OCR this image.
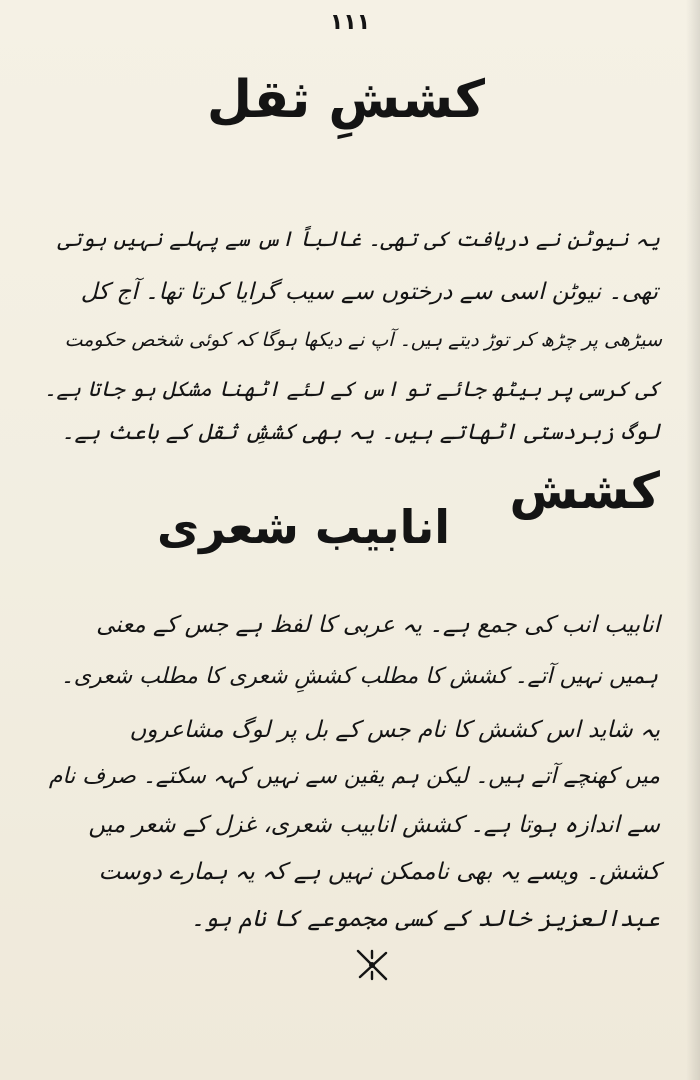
۱۱۱
کششِ ثقل
یہ نیوٹن نے دریافت کی تھی۔ غالباً اس سے پہلے نہیں ہوتی
تھی۔ نیوٹن اسی سے درختوں سے سیب گرایا کرتا تھا۔ آج کل
سیڑھی پر چڑھ کر توڑ دیتے ہیں۔ آپ نے دیکھا ہوگا کہ کوئی شخص حکومت
کی کرسی پر بیٹھ جائے تو اس کے لئے اٹھنا مشکل ہو جاتا ہے۔
لوگ زبردستی اٹھاتے ہیں۔ یہ بھی کششِ ثقل کے باعث ہے۔
کشش
انابیب شعری
انابیب انب کی جمع ہے۔ یہ عربی کا لفظ ہے جس کے معنی
ہمیں نہیں آتے۔ کشش کا مطلب کششِ شعری کا مطلب شعری۔
یہ شاید اس کشش کا نام جس کے بل پر لوگ مشاعروں
میں کھنچے آتے ہیں۔ لیکن ہم یقین سے نہیں کہہ سکتے۔ صرف نام
سے اندازہ ہوتا ہے۔ کشش انابیب شعری، غزل کے شعر میں
کشش۔ ویسے یہ بھی ناممکن نہیں ہے کہ یہ ہمارے دوست
عبدالعزیز خالد کے کسی مجموعے کا نام ہو۔
